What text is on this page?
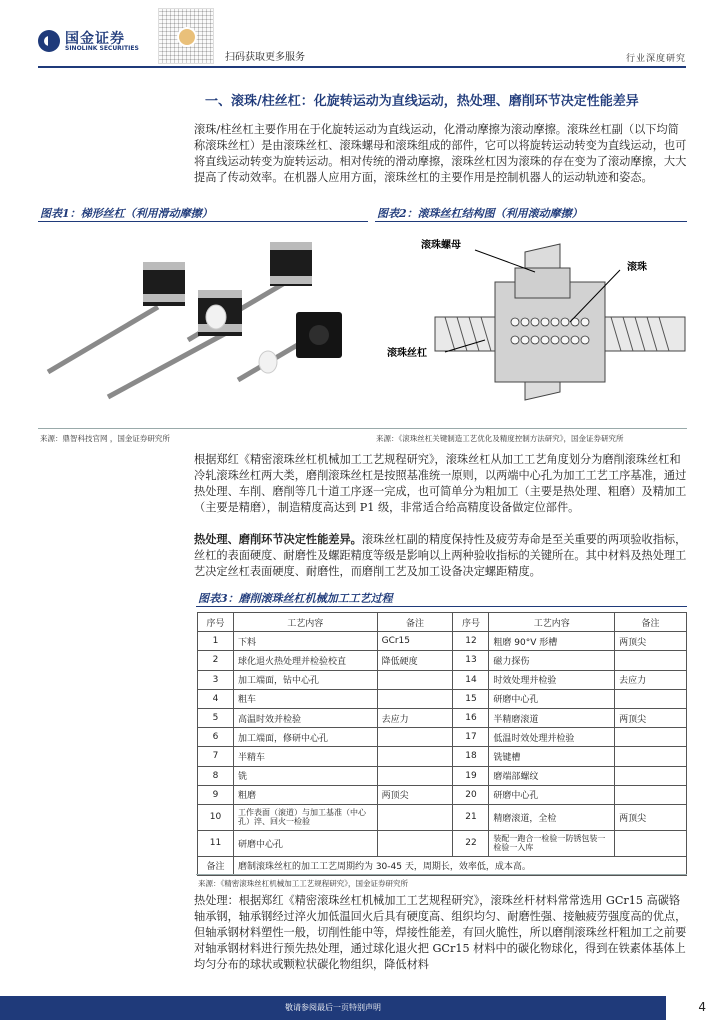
国金证券
SINOLINK SECURITIES
扫码获取更多服务	行业深度研究
一、滚珠/柱丝杠：化旋转运动为直线运动，热处理、磨削环节决定性能差异

滚珠/柱丝杠主要作用在于化旋转运动为直线运动，化滑动摩擦为滚动摩擦。滚珠丝杠副（以下均简称滚珠丝杠）是由滚珠丝杠、滚珠螺母和滚珠组成的部件，它可以将旋转运动转变为直线运动，也可将直线运动转变为旋转运动。相对传统的滑动摩擦，滚珠丝杠因为滚珠的存在变为了滚动摩擦，大大提高了传动效率。在机器人应用方面，滚珠丝杠的主要作用是控制机器人的运动轨迹和姿态。

图表1：梯形丝杠（利用滑动摩擦）	图表2：滚珠丝杠结构图（利用滚动摩擦）
滚珠螺母
滚珠
滚珠丝杠
来源：鼎智科技官网 ，国金证券研究所	来源：《滚珠丝杠关键制造工艺优化及精度控制方法研究》，国金证券研究所

根据郑红《精密滚珠丝杠机械加工工艺规程研究》，滚珠丝杠从加工工艺角度划分为磨削滚珠丝杠和冷轧滚珠丝杠两大类，磨削滚珠丝杠是按照基准统一原则，以两端中心孔为加工工艺工序基准，通过热处理、车削、磨削等几十道工序逐一完成，也可简单分为粗加工（主要是热处理、粗磨）及精加工（主要是精磨），制造精度高达到 P1 级，非常适合给高精度设备做定位部件。

热处理、磨削环节决定性能差异。滚珠丝杠副的精度保持性及疲劳寿命是至关重要的两项验收指标，丝杠的表面硬度、耐磨性及螺距精度等级是影响以上两种验收指标的关键所在。其中材料及热处理工艺决定丝杠表面硬度、耐磨性，而磨削工艺及加工设备决定螺距精度。

图表3：磨削滚珠丝杠机械加工工艺过程
序号	工艺内容	备注	序号	工艺内容	备注
1	下料	GCr15	12	粗磨 90°V 形槽	两顶尖
2	球化退火热处理并检验校直	降低硬度	13	磁力探伤	
3	加工端面，钻中心孔		14	时效处理并检验	去应力
4	粗车		15	研磨中心孔	
5	高温时效并检验	去应力	16	半精磨滚道	两顶尖
6	加工端面，修研中心孔		17	低温时效处理并检验	
7	半精车		18	铣键槽	
8	铣		19	磨端部螺纹	
9	粗磨	两顶尖	20	研磨中心孔	
10	工作表面（滚道）与加工基准（中心孔）淬、回火一检验		21	精磨滚道，全检	两顶尖
11	研磨中心孔		22	装配一跑合一检验一防锈包装一检验一入库	
备注	磨制滚珠丝杠的加工工艺周期约为 30-45 天，周期长，效率低，成本高。				
来源：《精密滚珠丝杠机械加工工艺规程研究》，国金证券研究所

热处理：根据郑红《精密滚珠丝杠机械加工工艺规程研究》，滚珠丝杆材料常常选用 GCr15 高碳铬轴承钢，轴承钢经过淬火加低温回火后具有硬度高、组织均匀、耐磨性强、接触疲劳强度高的优点，但轴承钢材料塑性一般，切削性能中等，焊接性能差，有回火脆性，所以磨削滚珠丝杆粗加工之前要对轴承钢材料进行预先热处理，通过球化退火把 GCr15 材料中的碳化物球化，得到在铁素体基体上均匀分布的球状或颗粒状碳化物组织，降低材料

敬请参阅最后一页特别声明	4
